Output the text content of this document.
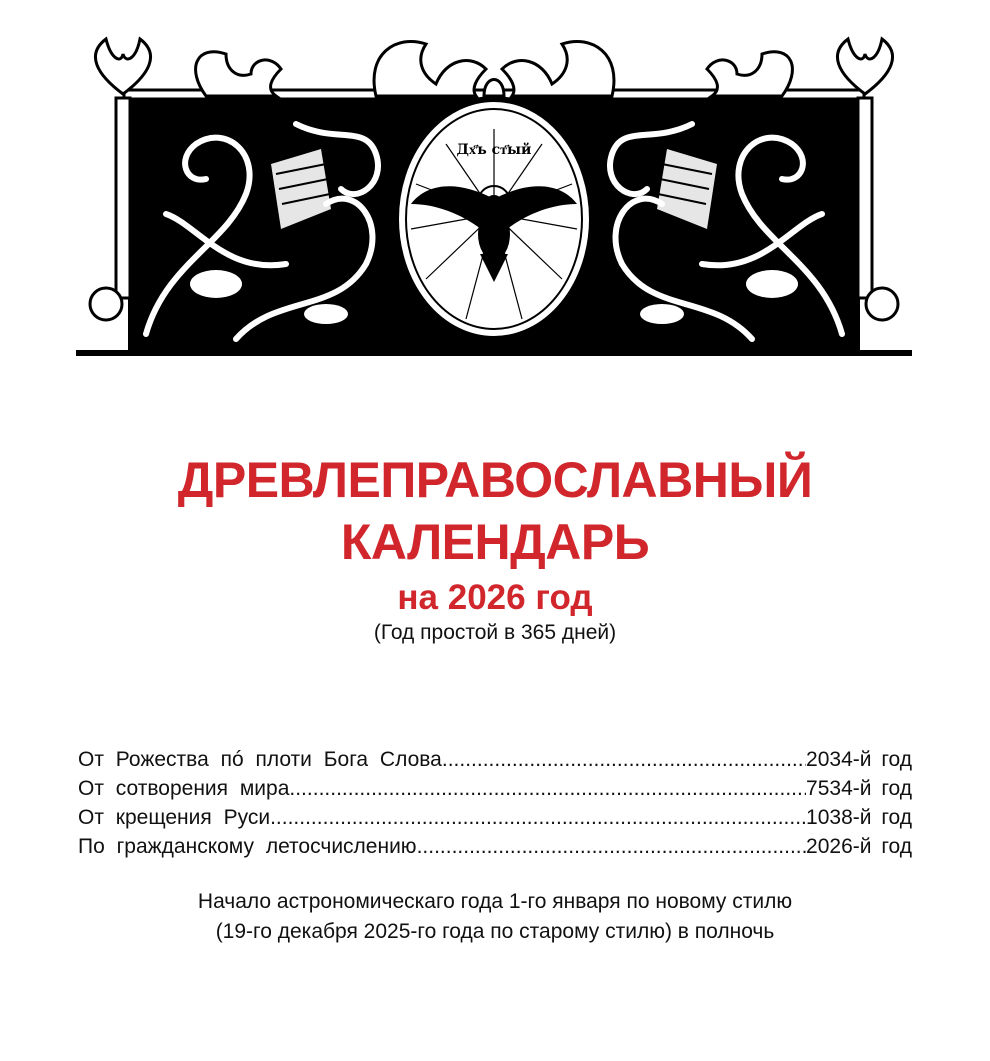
Дх҃ъ ст҃ый
ДРЕВЛЕПРАВОСЛАВНЫЙ
КАЛЕНДАРЬ
на 2026 год
(Год простой в 365 дней)
От Рожества пó плоти Бога Слова .....	2034-й год
От сотворения мира .....	7534-й год
От крещения Руси .....	1038-й год
По гражданскому летосчислению .....	2026-й год
Начало астрономическаго года 1-го января по новому стилю
(19-го декабря 2025-го года по старому стилю) в полночь
